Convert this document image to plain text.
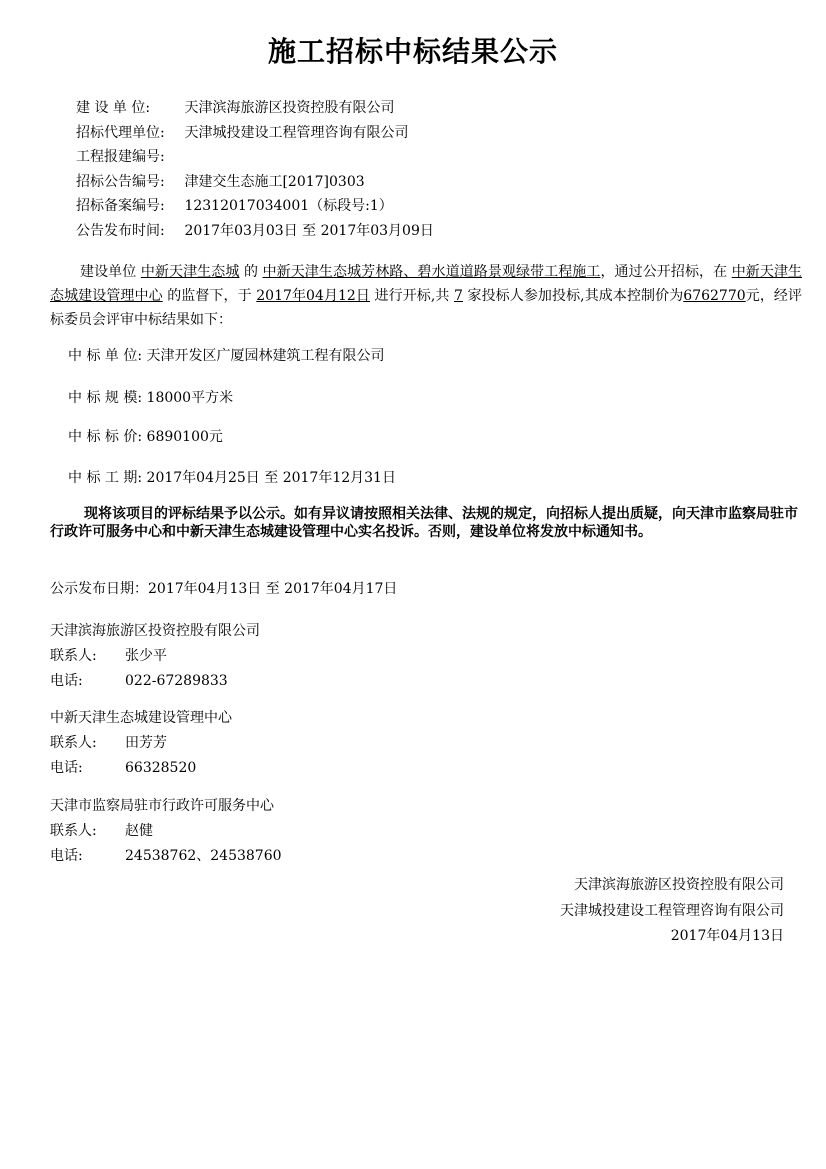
施工招标中标结果公示
建 设 单 位: 天津滨海旅游区投资控股有限公司
招标代理单位: 天津城投建设工程管理咨询有限公司
工程报建编号:
招标公告编号: 津建交生态施工[2017]0303
招标备案编号: 12312017034001（标段号:1）
公告发布时间: 2017年03月03日 至 2017年03月09日
建设单位 中新天津生态城 的 中新天津生态城芳林路、碧水道道路景观绿带工程施工，通过公开招标，在 中新天津生态城建设管理中心 的监督下，于 2017年04月12日 进行开标,共 7 家投标人参加投标,其成本控制价为6762770元，经评标委员会评审中标结果如下：
中 标 单 位: 天津开发区广厦园林建筑工程有限公司
中 标 规 模: 18000平方米
中 标 标 价: 6890100元
中 标 工 期: 2017年04月25日 至 2017年12月31日
现将该项目的评标结果予以公示。如有异议请按照相关法律、法规的规定，向招标人提出质疑，向天津市监察局驻市行政许可服务中心和中新天津生态城建设管理中心实名投诉。否则，建设单位将发放中标通知书。
公示发布日期：2017年04月13日 至 2017年04月17日
天津滨海旅游区投资控股有限公司
联系人: 张少平
电话:	022-67289833
中新天津生态城建设管理中心
联系人: 田芳芳
电话:	66328520
天津市监察局驻市行政许可服务中心
联系人: 赵健
电话:	24538762、24538760
天津滨海旅游区投资控股有限公司
天津城投建设工程管理咨询有限公司
2017年04月13日
